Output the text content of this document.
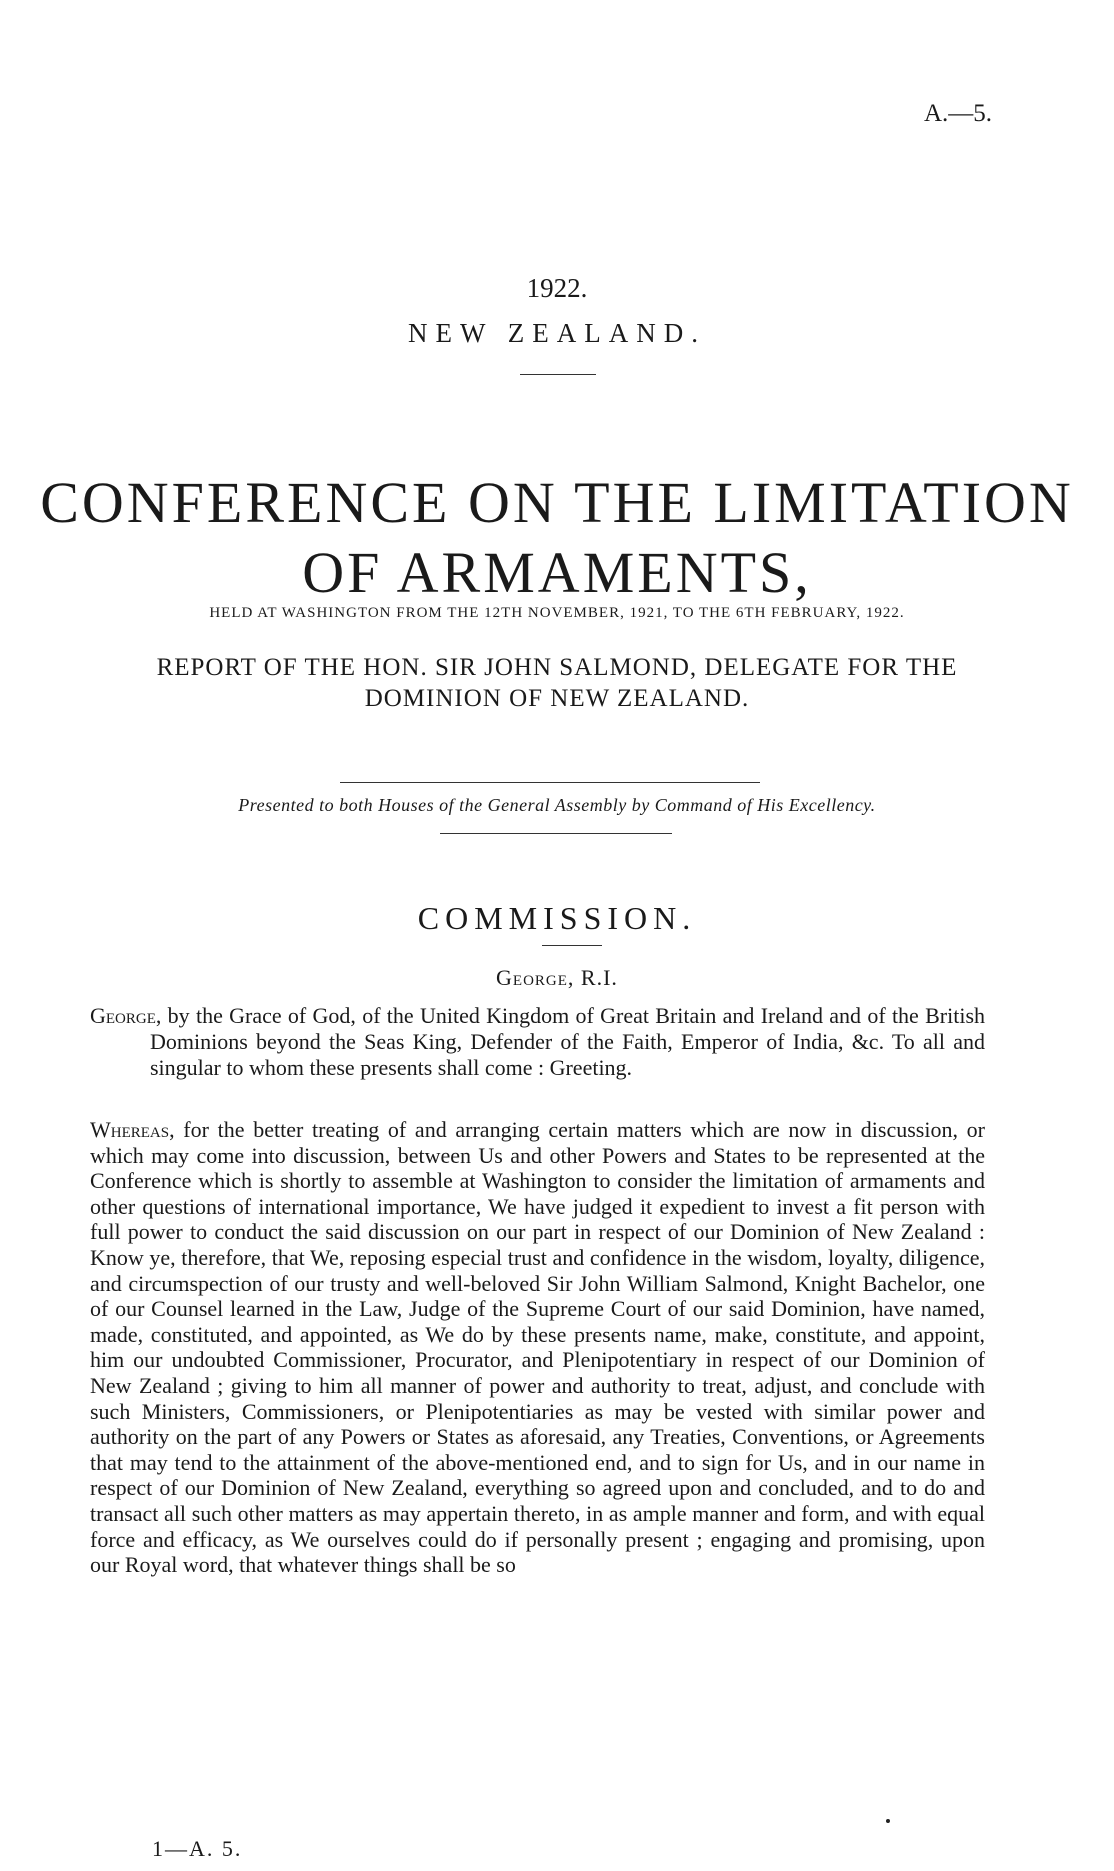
A.—5.
1922.
NEW ZEALAND.
CONFERENCE ON THE LIMITATION
OF ARMAMENTS,
HELD AT WASHINGTON FROM THE 12TH NOVEMBER, 1921, TO THE 6TH FEBRUARY, 1922.
REPORT OF THE HON. SIR JOHN SALMOND, DELEGATE FOR THE
DOMINION OF NEW ZEALAND.
Presented to both Houses of the General Assembly by Command of His Excellency.
COMMISSION.
George, R.I.
George, by the Grace of God, of the United Kingdom of Great Britain and Ireland and of the British Dominions beyond the Seas King, Defender of the Faith, Emperor of India, &c. To all and singular to whom these presents shall come : Greeting.
Whereas, for the better treating of and arranging certain matters which are now in discussion, or which may come into discussion, between Us and other Powers and States to be represented at the Conference which is shortly to assemble at Washington to consider the limitation of armaments and other questions of international importance, We have judged it expedient to invest a fit person with full power to conduct the said discussion on our part in respect of our Dominion of New Zealand : Know ye, therefore, that We, reposing especial trust and confidence in the wisdom, loyalty, diligence, and circumspection of our trusty and well-beloved Sir John William Salmond, Knight Bachelor, one of our Counsel learned in the Law, Judge of the Supreme Court of our said Dominion, have named, made, constituted, and appointed, as We do by these presents name, make, constitute, and appoint, him our undoubted Commissioner, Procurator, and Plenipotentiary in respect of our Dominion of New Zealand ; giving to him all manner of power and authority to treat, adjust, and conclude with such Ministers, Commissioners, or Plenipotentiaries as may be vested with similar power and authority on the part of any Powers or States as aforesaid, any Treaties, Conventions, or Agreements that may tend to the attainment of the above-mentioned end, and to sign for Us, and in our name in respect of our Dominion of New Zealand, everything so agreed upon and concluded, and to do and transact all such other matters as may appertain thereto, in as ample manner and form, and with equal force and efficacy, as We ourselves could do if personally present ; engaging and promising, upon our Royal word, that whatever things shall be so
1—A. 5.
